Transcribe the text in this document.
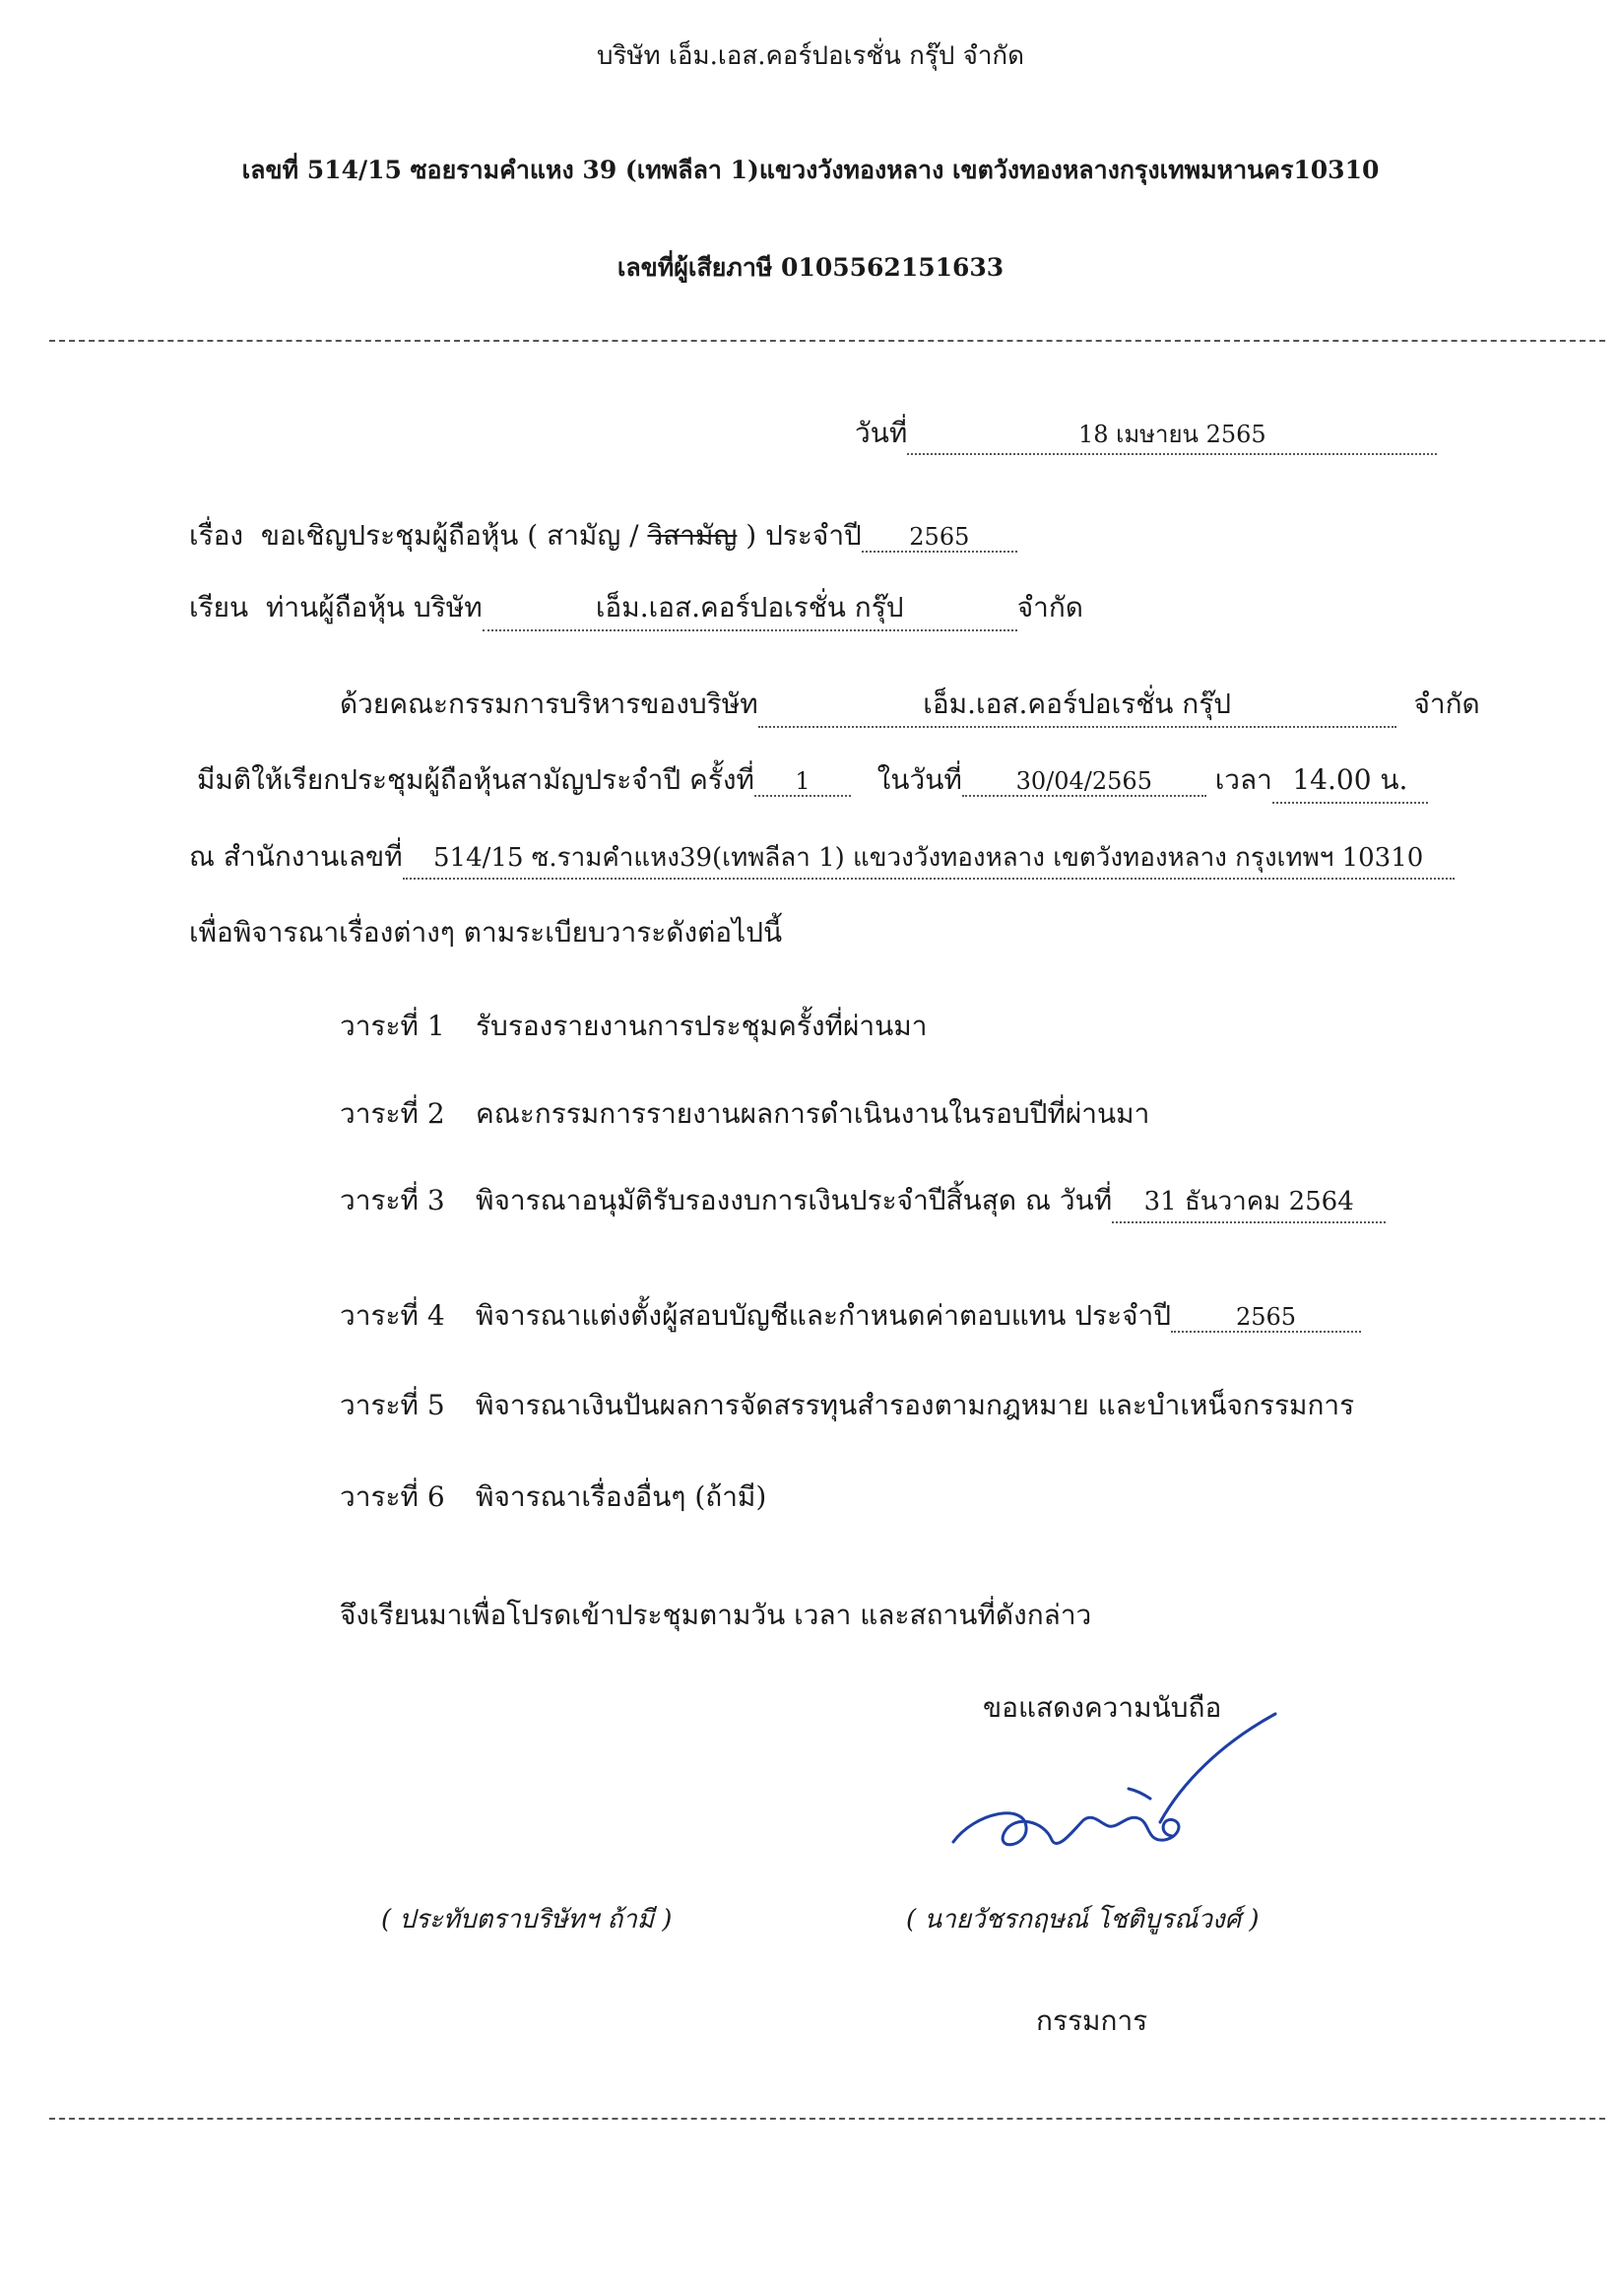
บริษัท เอ็ม.เอส.คอร์ปอเรชั่น กรุ๊ป จำกัด
เลขที่ 514/15 ซอยรามคำแหง 39 (เทพลีลา 1)แขวงวังทองหลาง เขตวังทองหลางกรุงเทพมหานคร10310
เลขที่ผู้เสียภาษี 0105562151633
วันที่	18 เมษายน 2565
เรื่อง ขอเชิญประชุมผู้ถือหุ้น ( สามัญ / วิสามัญ ) ประจำปี 2565
เรียน ท่านผู้ถือหุ้น บริษัท	เอ็ม.เอส.คอร์ปอเรชั่น กรุ๊ป	จำกัด
ด้วยคณะกรรมการบริหารของบริษัท	เอ็ม.เอส.คอร์ปอเรชั่น กรุ๊ป	จำกัด
มีมติให้เรียกประชุมผู้ถือหุ้นสามัญประจำปี ครั้งที่ 1 ในวันที่ 30/04/2565 เวลา 14.00 น.
ณ สำนักงานเลขที่ 514/15 ซ.รามคำแหง39(เทพลีลา 1) แขวงวังทองหลาง เขตวังทองหลาง กรุงเทพฯ 10310
เพื่อพิจารณาเรื่องต่างๆ ตามระเบียบวาระดังต่อไปนี้
วาระที่ 1 รับรองรายงานการประชุมครั้งที่ผ่านมา
วาระที่ 2 คณะกรรมการรายงานผลการดำเนินงานในรอบปีที่ผ่านมา
วาระที่ 3 พิจารณาอนุมัติรับรองงบการเงินประจำปีสิ้นสุด ณ วันที่ 31 ธันวาคม 2564
วาระที่ 4 พิจารณาแต่งตั้งผู้สอบบัญชีและกำหนดค่าตอบแทน ประจำปี	2565
วาระที่ 5 พิจารณาเงินปันผลการจัดสรรทุนสำรองตามกฎหมาย และบำเหน็จกรรมการ
วาระที่ 6 พิจารณาเรื่องอื่นๆ (ถ้ามี)
จึงเรียนมาเพื่อโปรดเข้าประชุมตามวัน เวลา และสถานที่ดังกล่าว
ขอแสดงความนับถือ
( ประทับตราบริษัทฯ ถ้ามี )	( นายวัชรกฤษณ์ โชติบูรณ์วงศ์ )
กรรมการ
